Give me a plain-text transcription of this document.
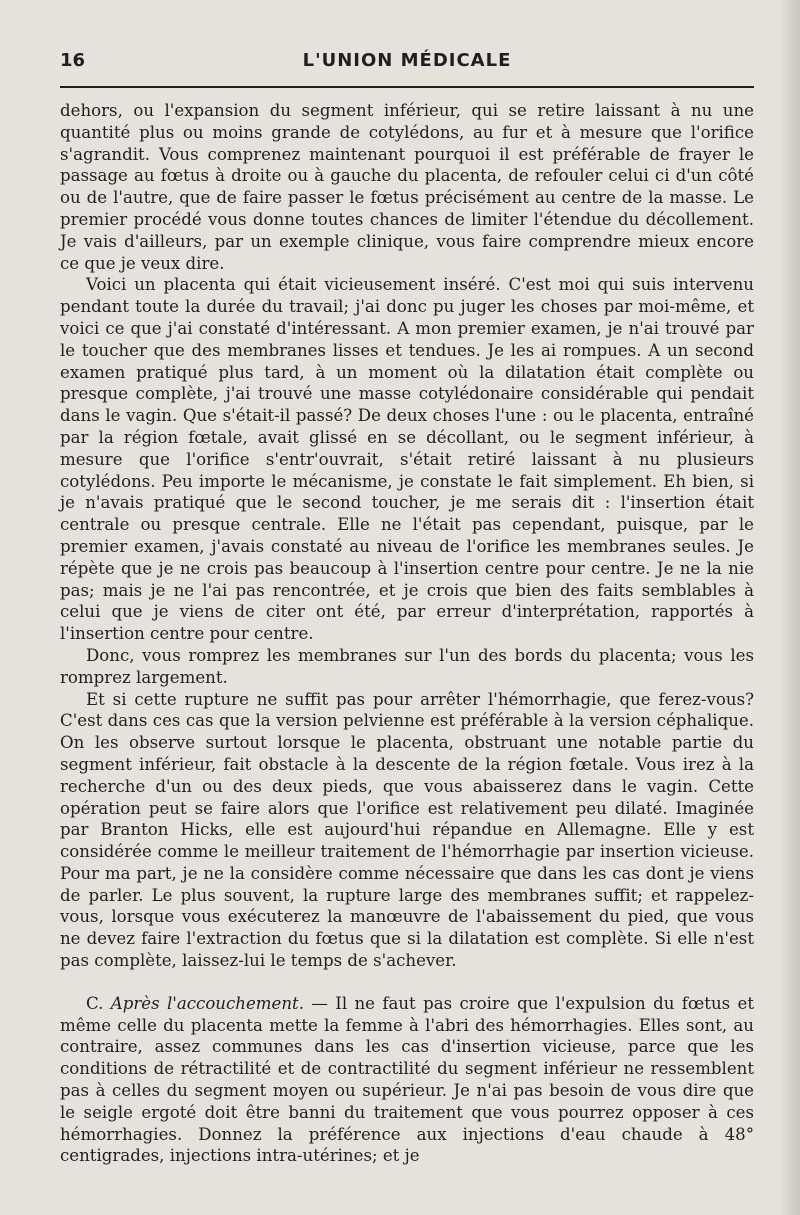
16	L'UNION MÉDICALE

dehors, ou l'expansion du segment inférieur, qui se retire laissant à nu une quantité plus ou moins grande de cotylédons, au fur et à mesure que l'orifice s'agrandit. Vous comprenez maintenant pourquoi il est préférable de frayer le passage au fœtus à droite ou à gauche du placenta, de refouler celui ci d'un côté ou de l'autre, que de faire passer le fœtus précisément au centre de la masse. Le premier procédé vous donne toutes chances de limiter l'étendue du décollement. Je vais d'ailleurs, par un exemple clinique, vous faire comprendre mieux encore ce que je veux dire.

Voici un placenta qui était vicieusement inséré. C'est moi qui suis intervenu pendant toute la durée du travail; j'ai donc pu juger les choses par moi-même, et voici ce que j'ai constaté d'intéressant. A mon premier examen, je n'ai trouvé par le toucher que des membranes lisses et tendues. Je les ai rompues. A un second examen pratiqué plus tard, à un moment où la dilatation était complète ou presque complète, j'ai trouvé une masse cotylédonaire considérable qui pendait dans le vagin. Que s'était-il passé? De deux choses l'une : ou le placenta, entraîné par la région fœtale, avait glissé en se décollant, ou le segment inférieur, à mesure que l'orifice s'entr'ouvrait, s'était retiré laissant à nu plusieurs cotylédons. Peu importe le mécanisme, je constate le fait simplement. Eh bien, si je n'avais pratiqué que le second toucher, je me serais dit : l'insertion était centrale ou presque centrale. Elle ne l'était pas cependant, puisque, par le premier examen, j'avais constaté au niveau de l'orifice les membranes seules. Je répète que je ne crois pas beaucoup à l'insertion centre pour centre. Je ne la nie pas; mais je ne l'ai pas rencontrée, et je crois que bien des faits semblables à celui que je viens de citer ont été, par erreur d'interprétation, rapportés à l'insertion centre pour centre.

Donc, vous romprez les membranes sur l'un des bords du placenta; vous les romprez largement.

Et si cette rupture ne suffit pas pour arrêter l'hémorrhagie, que ferez-vous? C'est dans ces cas que la version pelvienne est préférable à la version céphalique. On les observe surtout lorsque le placenta, obstruant une notable partie du segment inférieur, fait obstacle à la descente de la région fœtale. Vous irez à la recherche d'un ou des deux pieds, que vous abaisserez dans le vagin. Cette opération peut se faire alors que l'orifice est relativement peu dilaté. Imaginée par Branton Hicks, elle est aujourd'hui répandue en Allemagne. Elle y est considérée comme le meilleur traitement de l'hémorrhagie par insertion vicieuse. Pour ma part, je ne la considère comme nécessaire que dans les cas dont je viens de parler. Le plus souvent, la rupture large des membranes suffit; et rappelez-vous, lorsque vous exécuterez la manœuvre de l'abaissement du pied, que vous ne devez faire l'extraction du fœtus que si la dilatation est complète. Si elle n'est pas complète, laissez-lui le temps de s'achever.

C. Après l'accouchement. — Il ne faut pas croire que l'expulsion du fœtus et même celle du placenta mette la femme à l'abri des hémorrhagies. Elles sont, au contraire, assez communes dans les cas d'insertion vicieuse, parce que les conditions de rétractilité et de contractilité du segment inférieur ne ressemblent pas à celles du segment moyen ou supérieur. Je n'ai pas besoin de vous dire que le seigle ergoté doit être banni du traitement que vous pourrez opposer à ces hémorrhagies. Donnez la préférence aux injections d'eau chaude à 48° centigrades, injections intra-utérines; et je
